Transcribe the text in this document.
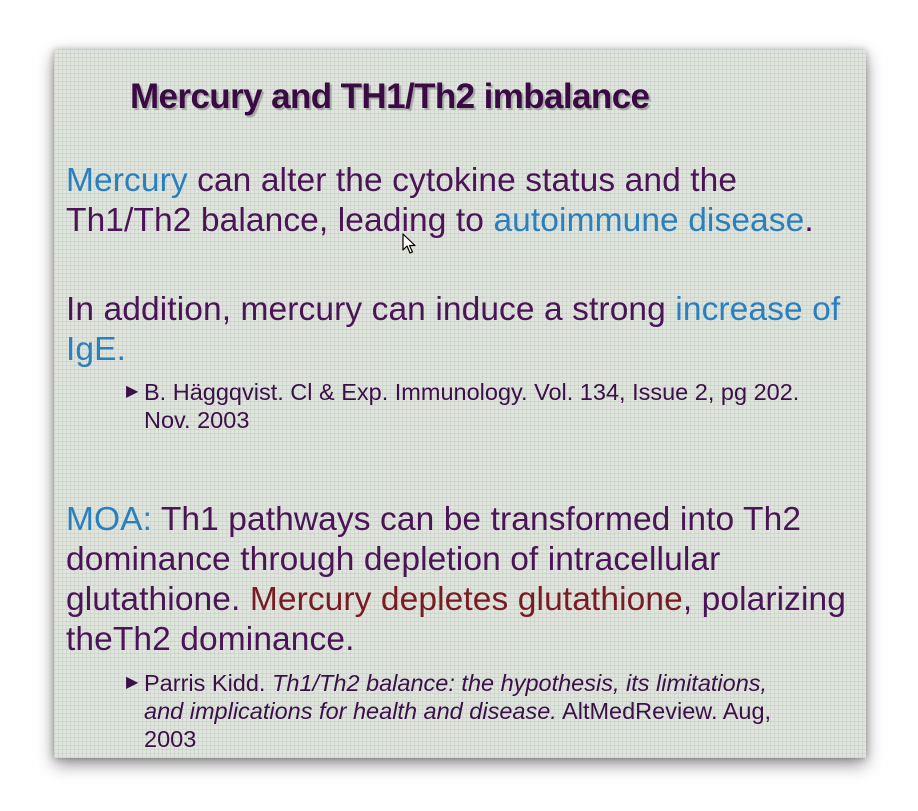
Mercury and TH1/Th2 imbalance

Mercury can alter the cytokine status and the Th1/Th2 balance, leading to autoimmune disease.

In addition, mercury can induce a strong increase of IgE.

▶ B. Häggqvist. Cl & Exp. Immunology. Vol. 134, Issue 2, pg 202. Nov. 2003

MOA: Th1 pathways can be transformed into Th2 dominance through depletion of intracellular glutathione. Mercury depletes glutathione, polarizing theTh2 dominance.

▶ Parris Kidd. Th1/Th2 balance: the hypothesis, its limitations, and implications for health and disease. AltMedReview. Aug, 2003
